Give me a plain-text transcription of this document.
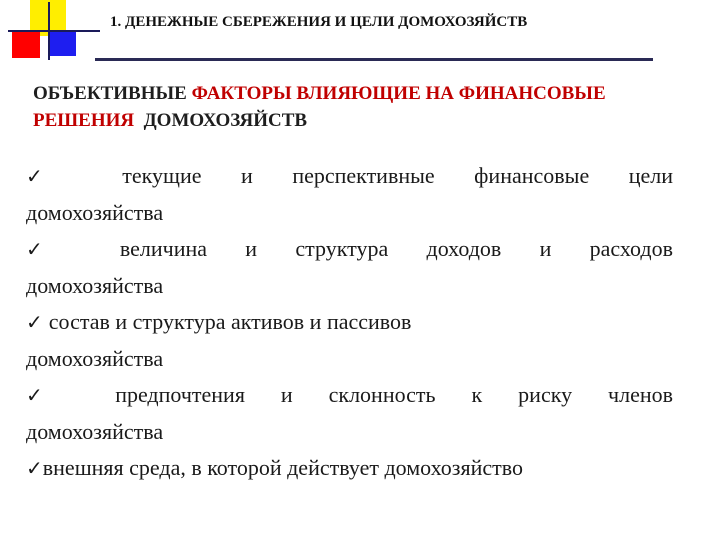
1. ДЕНЕЖНЫЕ СБЕРЕЖЕНИЯ И ЦЕЛИ ДОМОХОЗЯЙСТВ
ОБЪЕКТИВНЫЕ ФАКТОРЫ ВЛИЯЮЩИЕ НА ФИНАНСОВЫЕ РЕШЕНИЯ  ДОМОХОЗЯЙСТВ
✓ текущие и перспективные финансовые цели
домохозяйства
✓ величина и структура доходов и расходов
домохозяйства
✓ состав и структура активов и пассивов
домохозяйства
✓ предпочтения и склонность к риску членов
домохозяйства
✓внешняя среда, в которой действует домохозяйство
